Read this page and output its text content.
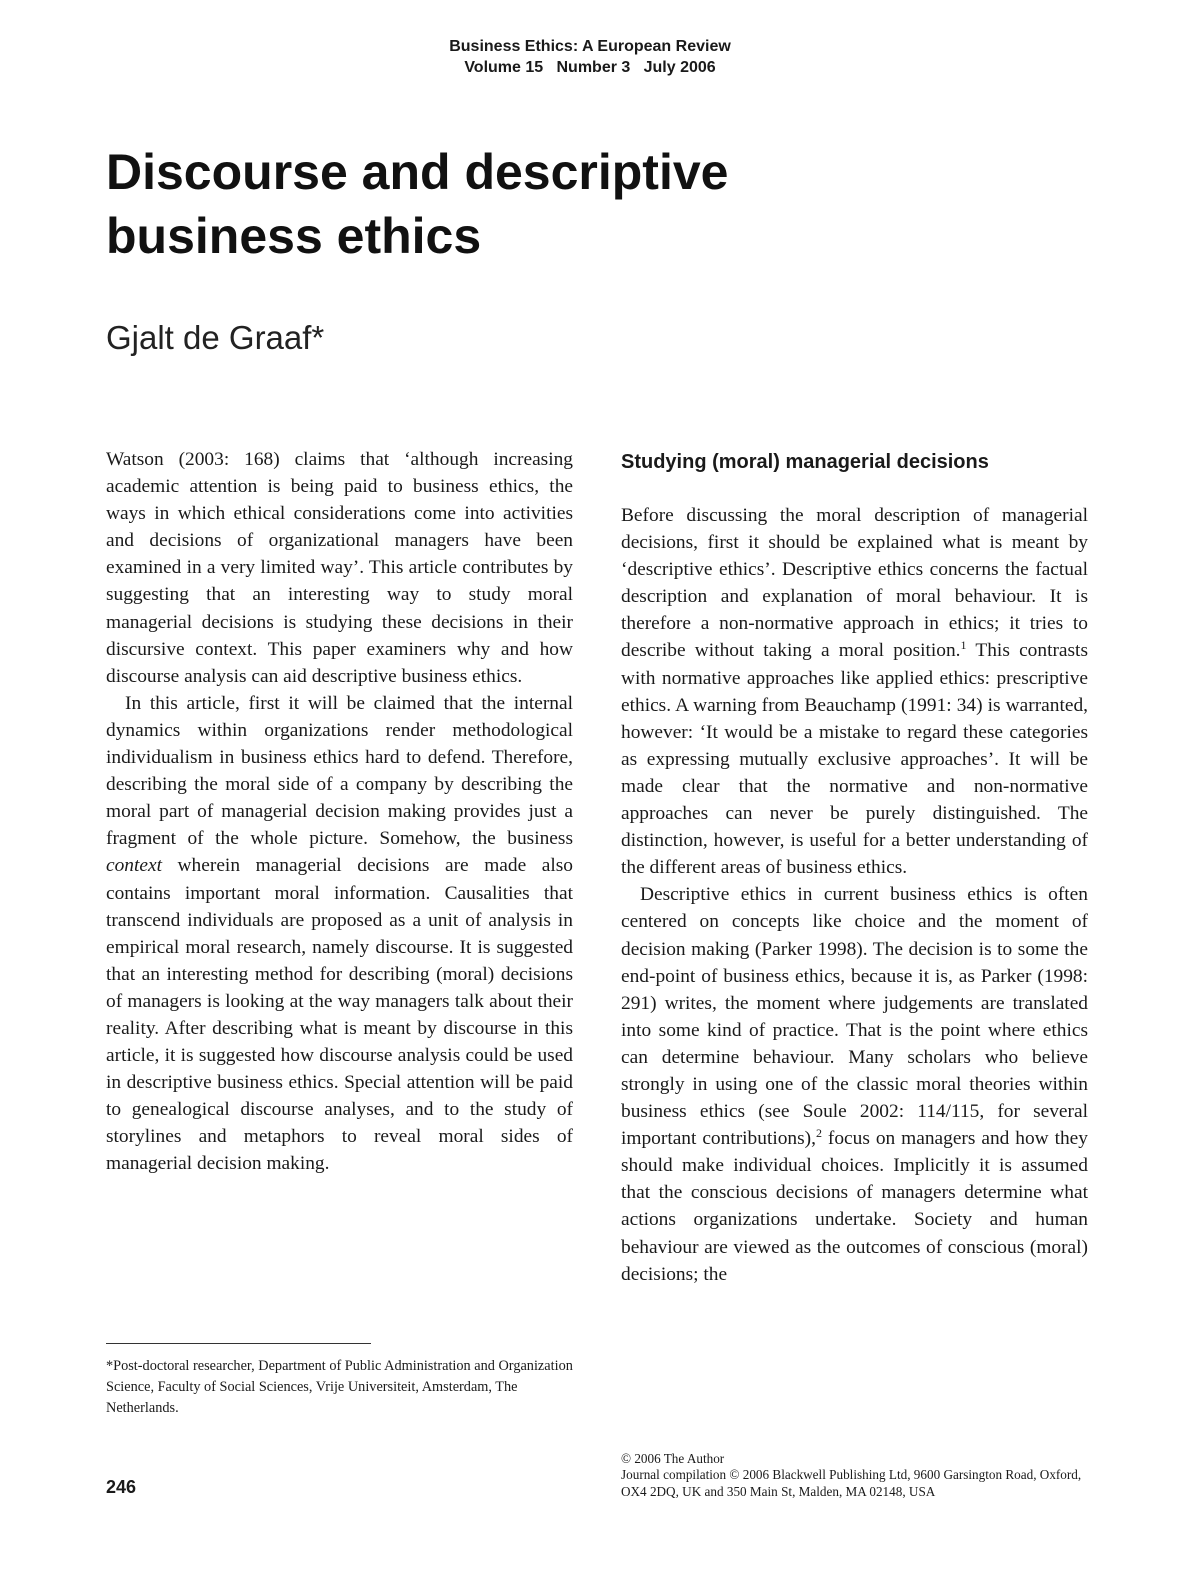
Business Ethics: A European Review
Volume 15   Number 3   July 2006
Discourse and descriptive
business ethics
Gjalt de Graaf*

Watson (2003: 168) claims that ‘although increasing academic attention is being paid to business ethics, the ways in which ethical considerations come into activities and decisions of organizational managers have been examined in a very limited way’. This article contributes by suggesting that an interesting way to study moral managerial decisions is studying these decisions in their discursive context. This paper examiners why and how discourse analysis can aid descriptive business ethics.

In this article, first it will be claimed that the internal dynamics within organizations render methodological individualism in business ethics hard to defend. Therefore, describing the moral side of a company by describing the moral part of managerial decision making provides just a fragment of the whole picture. Somehow, the business context wherein managerial decisions are made also contains important moral information. Causalities that transcend individuals are proposed as a unit of analysis in empirical moral research, namely discourse. It is suggested that an interesting method for describing (moral) decisions of managers is looking at the way managers talk about their reality. After describing what is meant by discourse in this article, it is suggested how discourse analysis could be used in descriptive business ethics. Special attention will be paid to genealogical discourse analyses, and to the study of storylines and metaphors to reveal moral sides of managerial decision making.

Studying (moral) managerial decisions

Before discussing the moral description of managerial decisions, first it should be explained what is meant by ‘descriptive ethics’. Descriptive ethics concerns the factual description and explanation of moral behaviour. It is therefore a non-normative approach in ethics; it tries to describe without taking a moral position.$^1$ This contrasts with normative approaches like applied ethics: prescriptive ethics. A warning from Beauchamp (1991: 34) is warranted, however: ‘It would be a mistake to regard these categories as expressing mutually exclusive approaches’. It will be made clear that the normative and non-normative approaches can never be purely distinguished. The distinction, however, is useful for a better understanding of the different areas of business ethics.

Descriptive ethics in current business ethics is often centered on concepts like choice and the moment of decision making (Parker 1998). The decision is to some the end-point of business ethics, because it is, as Parker (1998: 291) writes, the moment where judgements are translated into some kind of practice. That is the point where ethics can determine behaviour. Many scholars who believe strongly in using one of the classic moral theories within business ethics (see Soule 2002: 114/115, for several important contributions),$^2$ focus on managers and how they should make individual choices. Implicitly it is assumed that the conscious decisions of managers determine what actions organizations undertake. Society and human behaviour are viewed as the outcomes of conscious (moral) decisions; the

*Post-doctoral researcher, Department of Public Administration and Organization Science, Faculty of Social Sciences, Vrije Universiteit, Amsterdam, The Netherlands.
246
© 2006 The Author
Journal compilation © 2006 Blackwell Publishing Ltd, 9600 Garsington Road, Oxford, OX4 2DQ, UK and 350 Main St, Malden, MA 02148, USA
